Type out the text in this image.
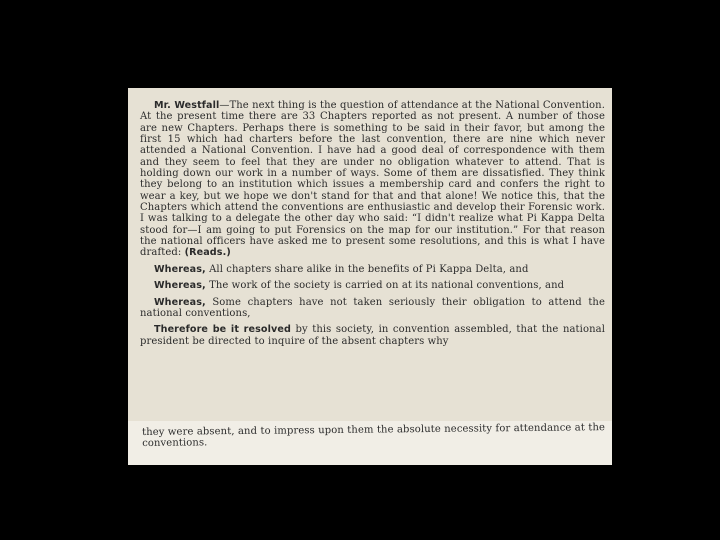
Mr. Westfall—The next thing is the question of attendance at the National Convention. At the present time there are 33 Chapters reported as not present. A number of those are new Chapters. Perhaps there is something to be said in their favor, but among the first 15 which had charters before the last convention, there are nine which never attended a National Convention. I have had a good deal of correspondence with them and they seem to feel that they are under no obligation whatever to attend. That is holding down our work in a number of ways. Some of them are dissatisfied. They think they belong to an institution which issues a membership card and confers the right to wear a key, but we hope we don't stand for that and that alone! We notice this, that the Chapters which attend the conventions are enthusiastic and develop their Forensic work. I was talking to a delegate the other day who said: “I didn't realize what Pi Kappa Delta stood for—I am going to put Forensics on the map for our institution.” For that reason the national officers have asked me to present some resolutions, and this is what I have drafted: (Reads.)

Whereas, All chapters share alike in the benefits of Pi Kappa Delta, and

Whereas, The work of the society is carried on at its national conventions, and

Whereas, Some chapters have not taken seriously their obligation to attend the national conventions,

Therefore be it resolved by this society, in convention assembled, that the national president be directed to inquire of the absent chapters why

they were absent, and to impress upon them the absolute necessity for attendance at the conventions.
